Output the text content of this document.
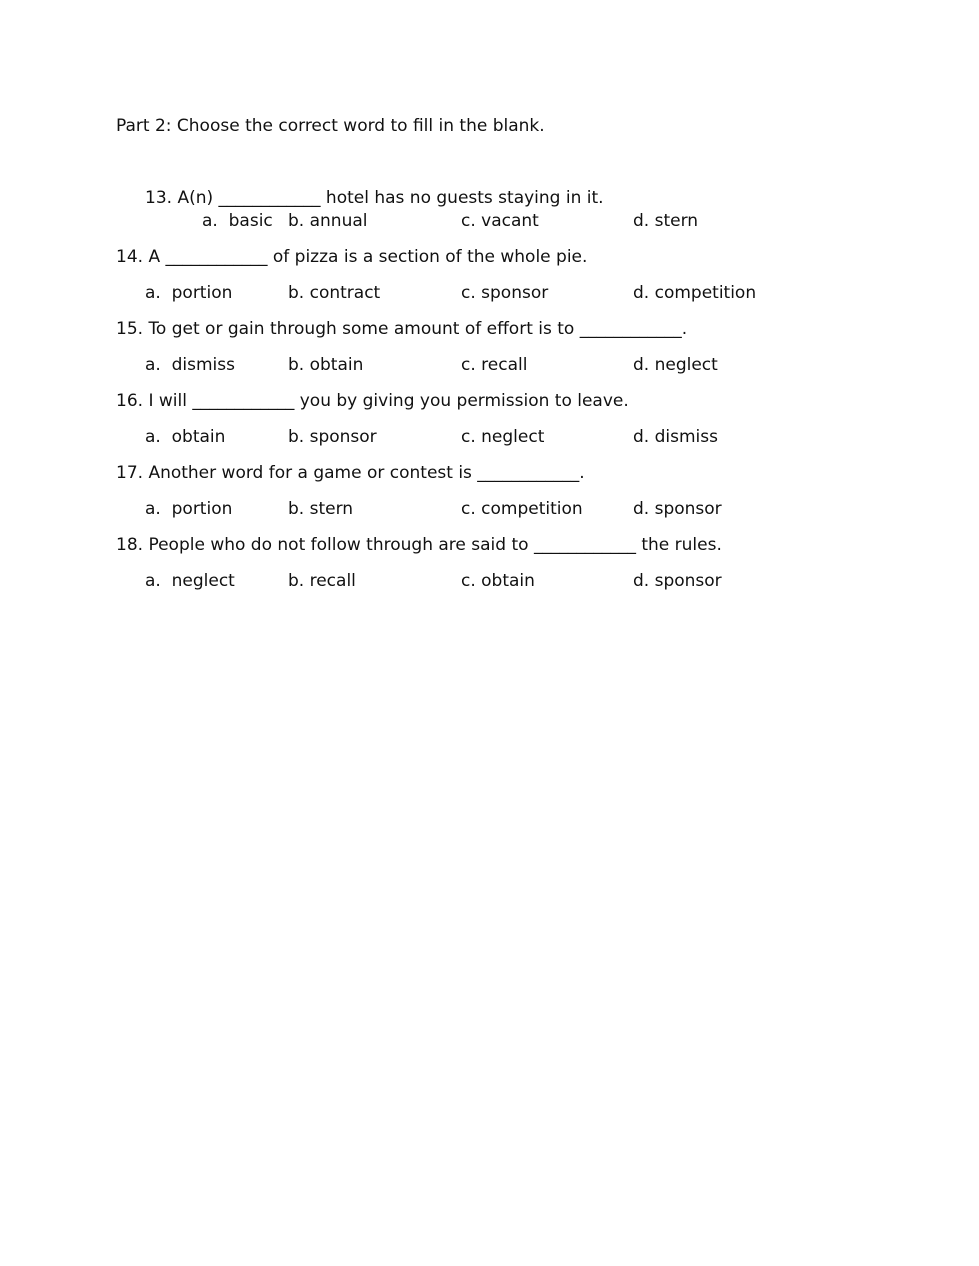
Part 2: Choose the correct word to fill in the blank.
13. A(n) ____________ hotel has no guests staying in it.
a.  basic b. annual	c. vacant	d. stern
14. A ____________ of pizza is a section of the whole pie.
a.  portion	b. contract	c. sponsor	d. competition
15. To get or gain through some amount of effort is to ____________.
a.  dismiss	b. obtain	c. recall	d. neglect
16. I will ____________ you by giving you permission to leave.
a.  obtain	b. sponsor	c. neglect	d. dismiss
17. Another word for a game or contest is ____________.
a.  portion	b. stern	c. competition	d. sponsor
18. People who do not follow through are said to ____________ the rules.
a.  neglect	b. recall	c. obtain	d. sponsor
